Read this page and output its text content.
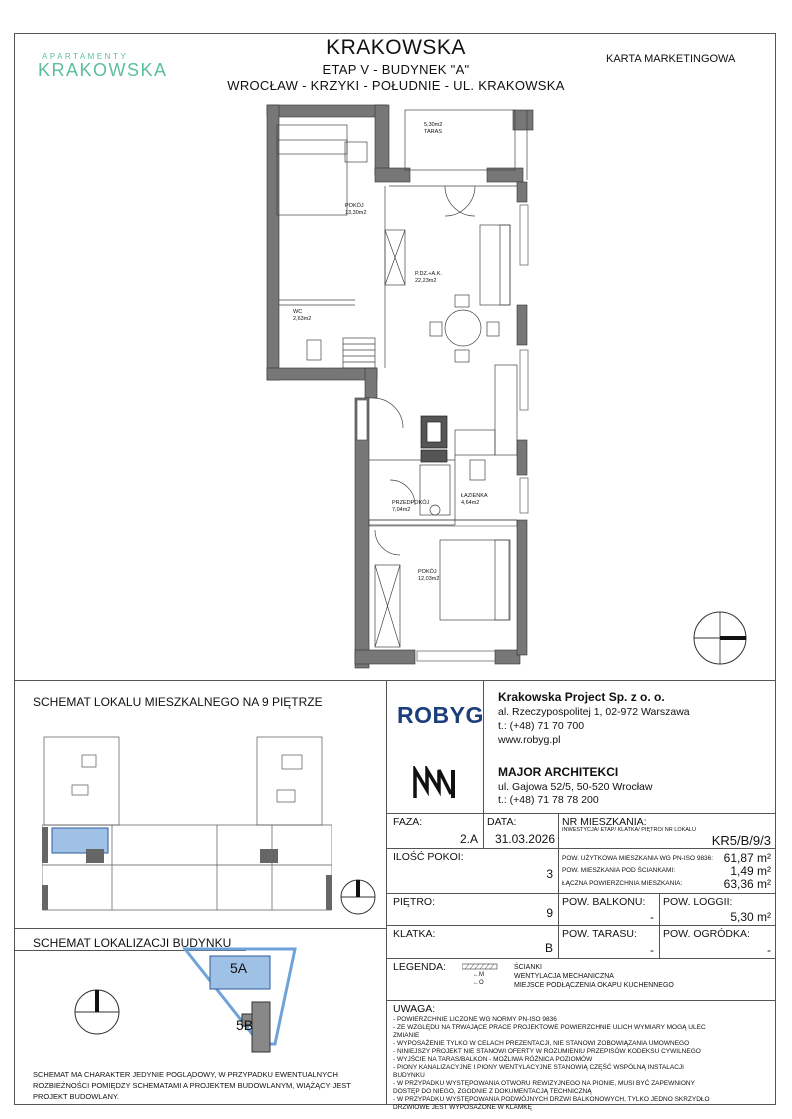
APARTAMENTY
KRAKOWSKA
KRAKOWSKA
ETAP V - BUDYNEK "A"
WROCŁAW - KRZYKI - POŁUDNIE - UL. KRAKOWSKA
KARTA MARKETINGOWA
POKÓJ
13,30m2
5,30m2
TARAS
WC
2,63m2
P.DZ.+A.K.
22,23m2
PRZEDPOKÓJ
7,04m2
ŁAZIENKA
4,64m2
POKÓJ
12,03m2
SCHEMAT LOKALU MIESZKALNEGO NA 9 PIĘTRZE
SCHEMAT LOKALIZACJI BUDYNKU
5A
5B
SCHEMAT MA CHARAKTER JEDYNIE POGLĄDOWY, W PRZYPADKU EWENTUALNYCH ROZBIEŻNOŚCI POMIĘDZY SCHEMATAMI A PROJEKTEM BUDOWLANYM, WIĄŻĄCY JEST PROJEKT BUDOWLANY.
ROBYG
Krakowska Project Sp. z o. o.
al. Rzeczypospolitej 1, 02-972 Warszawa
t.: (+48) 71 70 700
www.robyg.pl
MAJOR ARCHITEKCI
ul. Gajowa 52/5, 50-520 Wrocław
t.: (+48) 71 78 78 200
FAZA:
2.A
DATA:
31.03.2026
NR MIESZKANIA:
INWESTYCJA/ ETAP/ KLATKA/ PIĘTRO/ NR LOKALU
KR5/B/9/3
ILOŚĆ POKOI:
3
POW. UŻYTKOWA MIESZKANIA WG PN-ISO 9836: 61,87 m²
POW. MIESZKANIA POD ŚCIANKAMI:	1,49 m²
ŁĄCZNA POWIERZCHNIA MIESZKANIA:	63,36 m²
PIĘTRO:
9
POW. BALKONU:
-
POW. LOGGII:
5,30 m²
KLATKA:
B
POW. TARASU:
-
POW. OGRÓDKA:
-
LEGENDA:
←M
←O
ŚCIANKI
WENTYLACJA MECHANICZNA
MIEJSCE PODŁĄCZENIA OKAPU KUCHENNEGO
UWAGA:
- POWIERZCHNIE LICZONE WG NORMY PN-ISO 9836
- ZE WZGLĘDU NA TRWAJĄCE PRACE PROJEKTOWE POWIERZCHNIE ULICH WYMIARY MOGĄ ULEC ZMIANIE
- WYPOSAŻENIE TYLKO W CELACH PREZENTACJI, NIE STANOWI ZOBOWIĄZANIA UMOWNEGO
- NINIEJSZY PROJEKT NIE STANOWI OFERTY W ROZUMIENIU PRZEPISÓW KODEKSU CYWILNEGO
- WYJŚCIE NA TARAS/BALKON - MOŻLIWA RÓŻNICA POZIOMÓW
- PIONY KANALIZACYJNE I PIONY WENTYLACYJNE STANOWIĄ CZĘŚĆ WSPÓLNĄ INSTALACJI BUDYNKU
- W PRZYPADKU WYSTĘPOWANIA OTWORU REWIZYJNEGO NA PIONIE, MUSI BYĆ ZAPEWNIONY DOSTĘP DO NIEGO, ZGODNIE Z DOKUMENTACJĄ TECHNICZNĄ
- W PRZYPADKU WYSTĘPOWANIA PODWÓJNYCH DRZWI BALKONOWYCH, TYLKO JEDNO SKRZYDŁO DRZWIOWE JEST WYPOSAŻONE W KLAMKĘ
